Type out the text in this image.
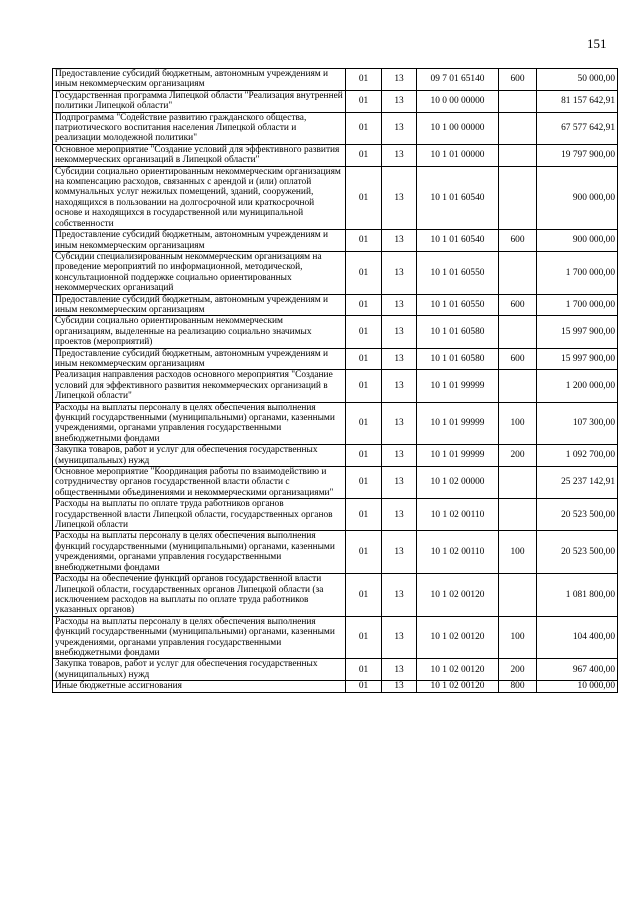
151
Предоставление субсидий бюджетным, автономным учреждениям и иным некоммерческим организациям	01	13	09 7 01 65140	600	50 000,00
Государственная программа Липецкой области "Реализация внутренней политики Липецкой области"	01	13	10 0 00 00000		81 157 642,91
Подпрограмма "Содействие развитию гражданского общества, патриотического воспитания населения Липецкой области и реализации молодежной политики"	01	13	10 1 00 00000		67 577 642,91
Основное мероприятие "Создание условий для эффективного развития некоммерческих организаций в Липецкой области"	01	13	10 1 01 00000		19 797 900,00
Субсидии социально ориентированным некоммерческим организациям на компенсацию расходов, связанных с арендой и (или) оплатой коммунальных услуг нежилых помещений, зданий, сооружений, находящихся в пользовании на долгосрочной или краткосрочной основе и находящихся в государственной или муниципальной собственности	01	13	10 1 01 60540		900 000,00
Предоставление субсидий бюджетным, автономным учреждениям и иным некоммерческим организациям	01	13	10 1 01 60540	600	900 000,00
Субсидии специализированным некоммерческим организациям на проведение мероприятий по информационной, методической, консультационной поддержке социально ориентированных некоммерческих организаций	01	13	10 1 01 60550		1 700 000,00
Предоставление субсидий бюджетным, автономным учреждениям и иным некоммерческим организациям	01	13	10 1 01 60550	600	1 700 000,00
Субсидии социально ориентированным некоммерческим организациям, выделенные на реализацию социально значимых проектов (мероприятий)	01	13	10 1 01 60580		15 997 900,00
Предоставление субсидий бюджетным, автономным учреждениям и иным некоммерческим организациям	01	13	10 1 01 60580	600	15 997 900,00
Реализация направления расходов основного мероприятия "Создание условий для эффективного развития некоммерческих организаций в Липецкой области"	01	13	10 1 01 99999		1 200 000,00
Расходы на выплаты персоналу в целях обеспечения выполнения функций государственными (муниципальными) органами, казенными учреждениями, органами управления государственными внебюджетными фондами	01	13	10 1 01 99999	100	107 300,00
Закупка товаров, работ и услуг для обеспечения государственных (муниципальных) нужд	01	13	10 1 01 99999	200	1 092 700,00
Основное мероприятие "Координация работы по взаимодействию и сотрудничеству органов государственной власти области с общественными объединениями и некоммерческими организациями"	01	13	10 1 02 00000		25 237 142,91
Расходы на выплаты по оплате труда работников органов государственной власти Липецкой области, государственных органов Липецкой области	01	13	10 1 02 00110		20 523 500,00
Расходы на выплаты персоналу в целях обеспечения выполнения функций государственными (муниципальными) органами, казенными учреждениями, органами управления государственными внебюджетными фондами	01	13	10 1 02 00110	100	20 523 500,00
Расходы на обеспечение функций органов государственной власти Липецкой области, государственных органов Липецкой области (за исключением расходов на выплаты по оплате труда работников указанных органов)	01	13	10 1 02 00120		1 081 800,00
Расходы на выплаты персоналу в целях обеспечения выполнения функций государственными (муниципальными) органами, казенными учреждениями, органами управления государственными внебюджетными фондами	01	13	10 1 02 00120	100	104 400,00
Закупка товаров, работ и услуг для обеспечения государственных (муниципальных) нужд	01	13	10 1 02 00120	200	967 400,00
Иные бюджетные ассигнования	01	13	10 1 02 00120	800	10 000,00
